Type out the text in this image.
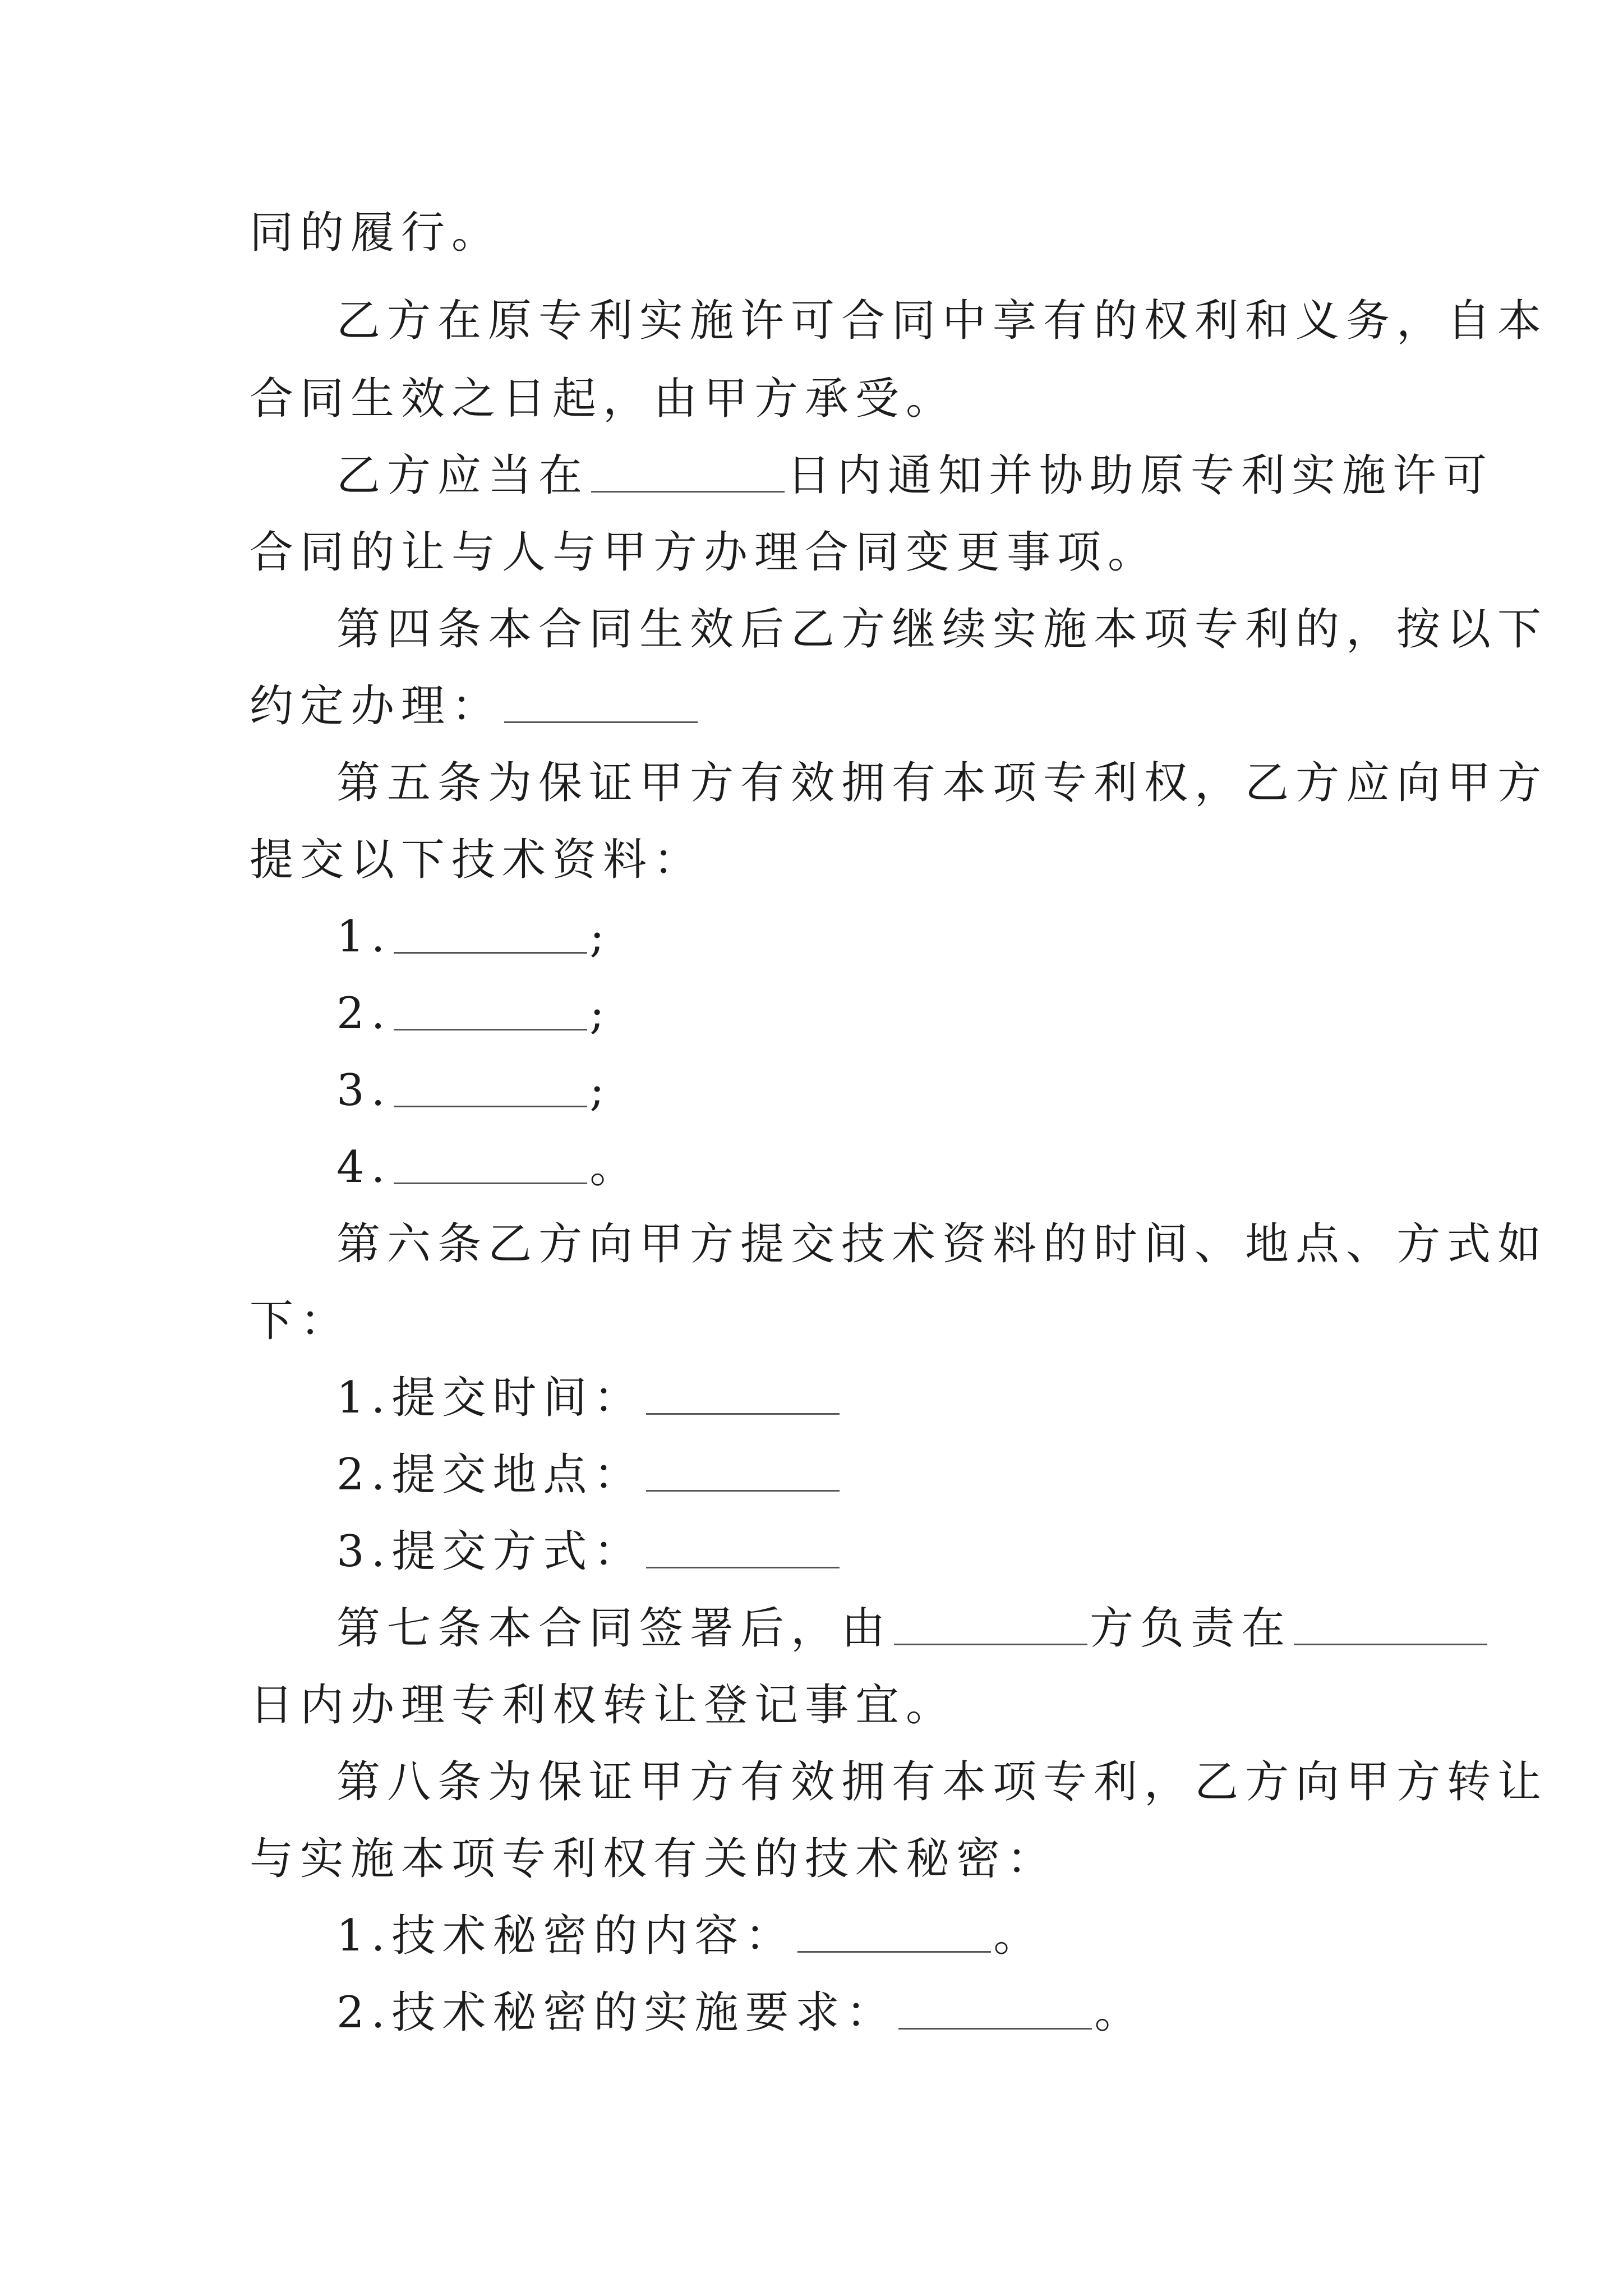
同的履行。
乙方在原专利实施许可合同中享有的权利和义务，自本
合同生效之日起，由甲方承受。
乙方应当在	日内通知并协助原专利实施许可
合同的让与人与甲方办理合同变更事项。
第四条本合同生效后乙方继续实施本项专利的，按以下
约定办理：
第五条为保证甲方有效拥有本项专利权，乙方应向甲方
提交以下技术资料：
1.	;
2.	;
3.	;
4.	。
第六条乙方向甲方提交技术资料的时间、地点、方式如
下：
1.提交时间：
2.提交地点：
3.提交方式：
第七条本合同签署后，由	方负责在
日内办理专利权转让登记事宜。
第八条为保证甲方有效拥有本项专利，乙方向甲方转让
与实施本项专利权有关的技术秘密：
1.技术秘密的内容：	。
2.技术秘密的实施要求：	。
